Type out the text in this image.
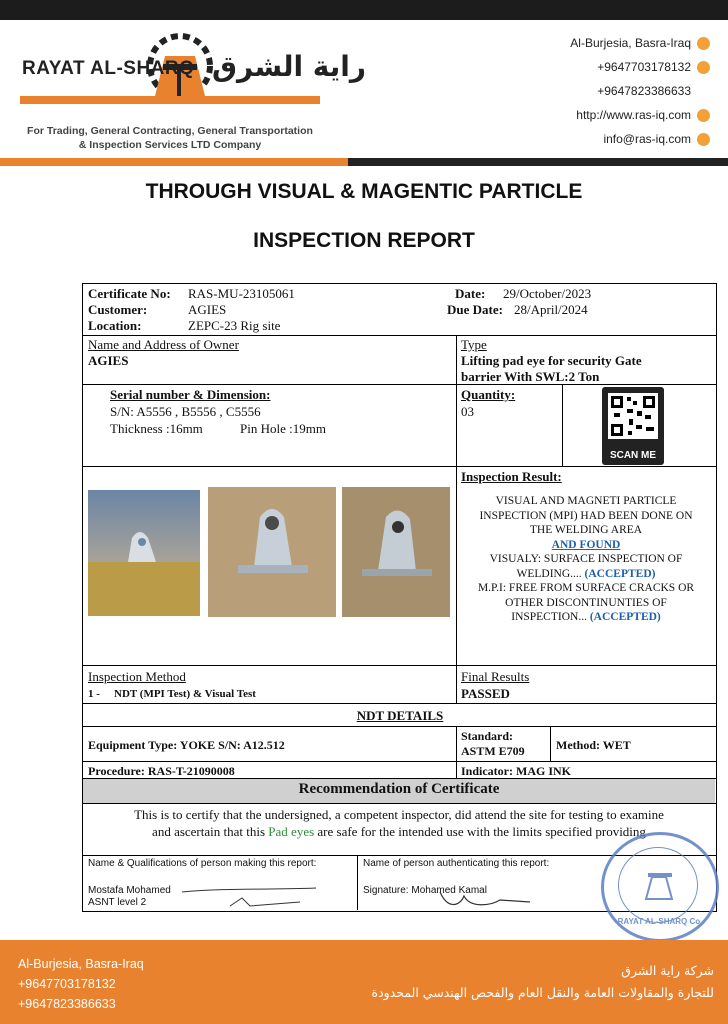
RAYAT AL-SHARQ راية الشرق
For Trading, General Contracting, General Transportation
& Inspection Services LTD Company
Al-Burjesia, Basra-Iraq
+9647703178132
+9647823386633
http://www.ras-iq.com
info@ras-iq.com
THROUGH VISUAL & MAGENTIC PARTICLE
INSPECTION REPORT
Certificate No: RAS-MU-23105061
Customer:	AGIES
Location:	ZEPC-23 Rig site
Date: 29/October/2023
Due Date: 28/April/2024
Name and Address of Owner
AGIES
Type
Lifting pad eye for security Gate
barrier With SWL:2 Ton
Serial number & Dimension:
S/N: A5556 , B5556 , C5556
Thickness :16mm	Pin Hole :19mm
Quantity:
03
SCAN ME
Inspection Result:
VISUAL AND MAGNETI PARTICLE
INSPECTION (MPI) HAD BEEN DONE ON
THE WELDING AREA
AND FOUND
VISUALY: SURFACE INSPECTION OF
WELDING.... (ACCEPTED)
M.P.I: FREE FROM SURFACE CRACKS OR
OTHER DISCONTINUNTIES OF
INSPECTION... (ACCEPTED)
Inspection Method
1 - NDT (MPI Test) & Visual Test
Final Results
PASSED
NDT DETAILS
Equipment Type: YOKE S/N: A12.512
Standard:
ASTM E709	Method: WET
Procedure: RAS-T-21090008	Indicator: MAG INK
Recommendation of Certificate
This is to certify that the undersigned, a competent inspector, did attend the site for testing to examine
and ascertain that this Pad eyes are safe for the intended use with the limits specified providing
Name & Qualifications of person making this report:
Mostafa Mohamed
ASNT level 2
Name of person authenticating this report:
Signature: Mohamed Kamal
RAYAT AL-SHARQ Co.
Al-Burjesia, Basra-Iraq
+9647703178132
+9647823386633
شركة راية الشرق
للتجارة والمقاولات العامة والنقل العام والفحص الهندسي المحدودة
